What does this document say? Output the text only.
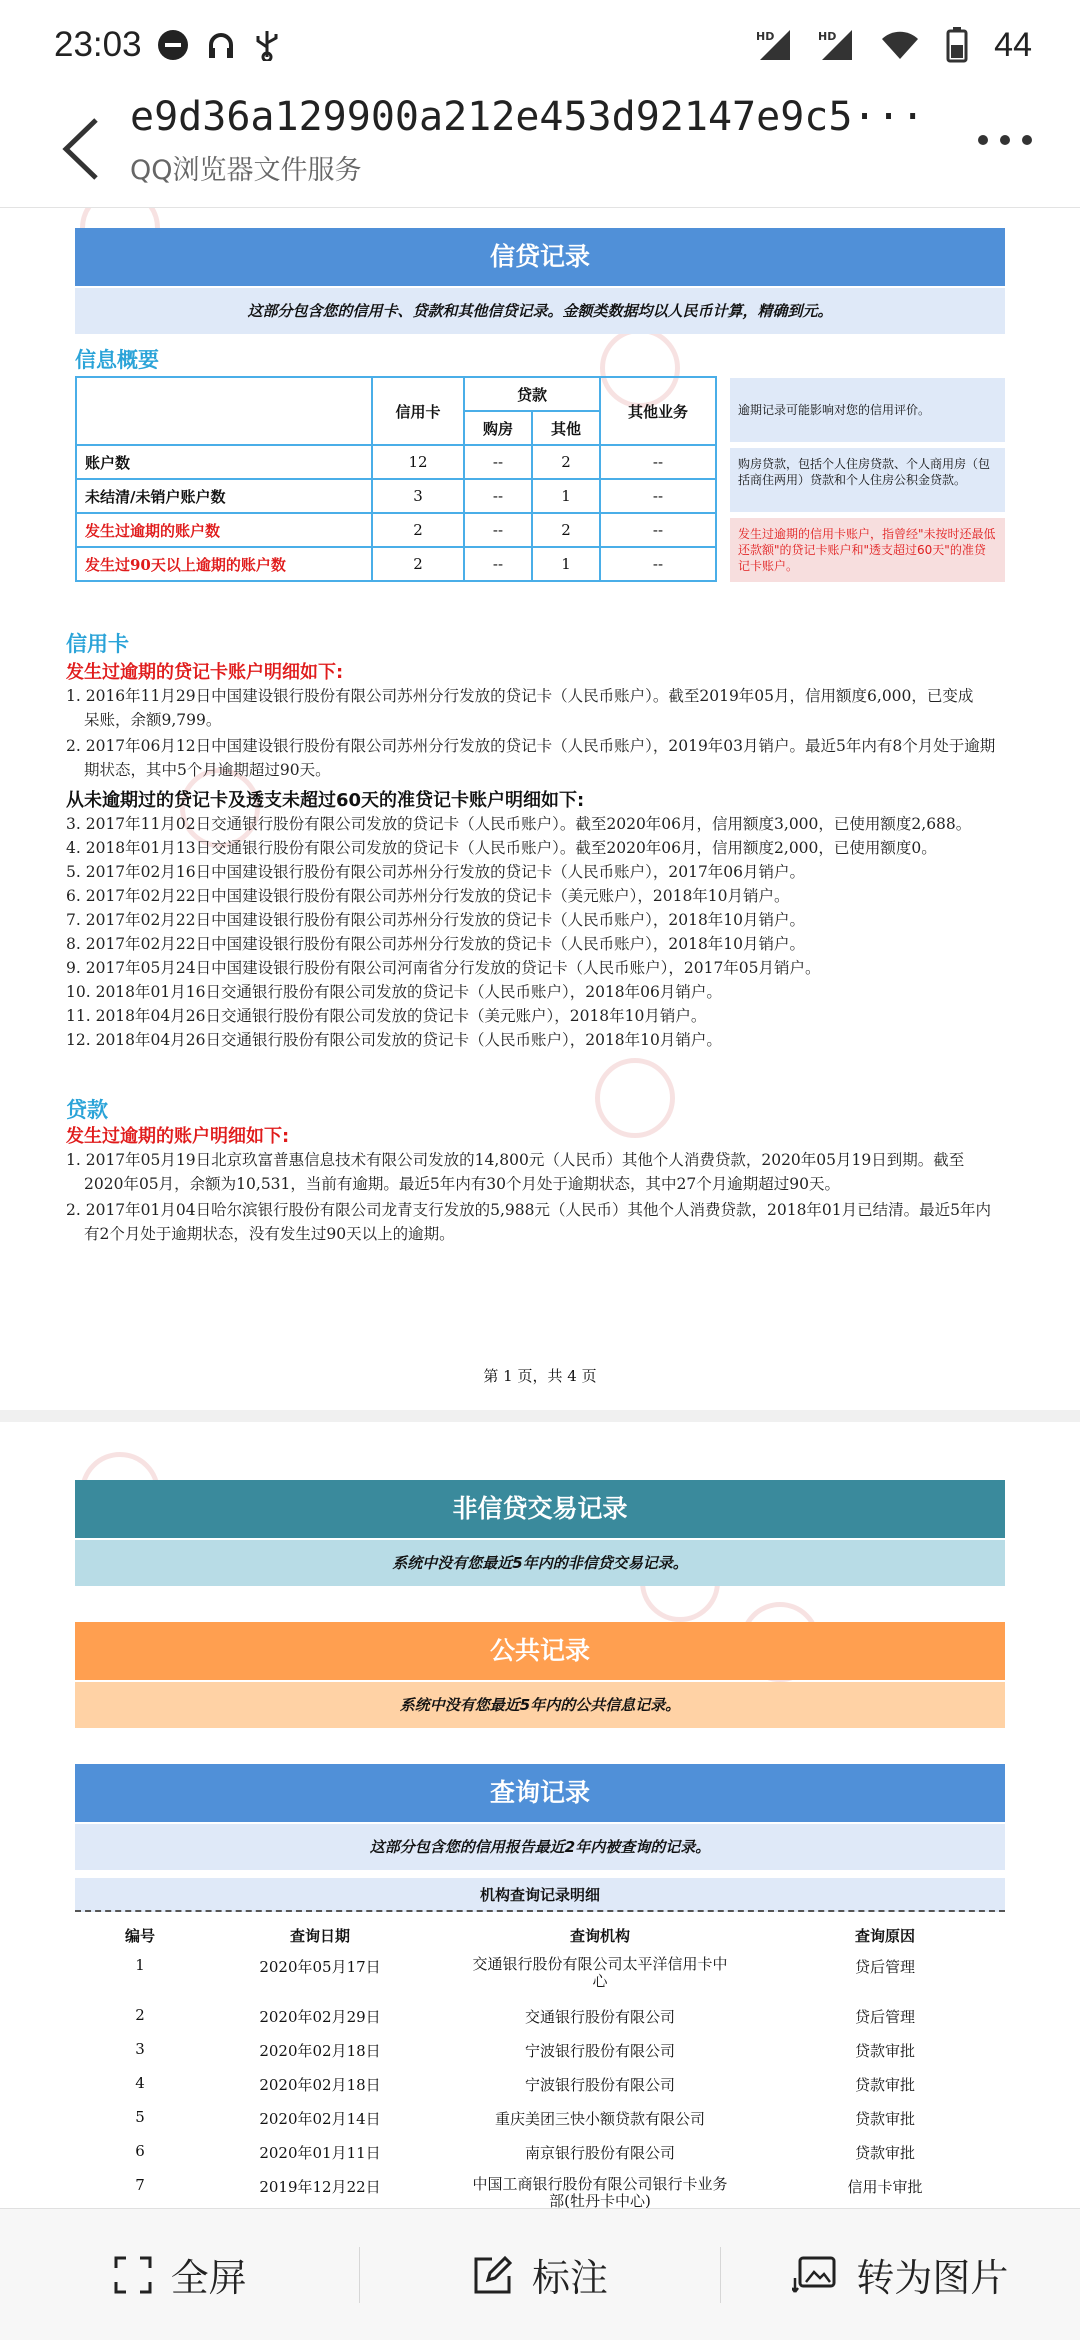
23:03	HD	HD	44
e9d36a129900a212e453d92147e9c5···
QQ浏览器文件服务
信贷记录
这部分包含您的信用卡、贷款和其他信贷记录。金额类数据均以人民币计算，精确到元。
信息概要
	信用卡	贷款		其他业务
		购房	其他	
账户数	12	--	2	--
未结清/未销户账户数	3	--	1	--
发生过逾期的账户数	2	--	2	--
发生过90天以上逾期的账户数	2	--	1	--
逾期记录可能影响对您的信用评价。
购房贷款，包括个人住房贷款、个人商用房（包括商住两用）贷款和个人住房公积金贷款。
发生过逾期的信用卡账户，指曾经"未按时还最低还款额"的贷记卡账户和"透支超过60天"的准贷记卡账户。
信用卡
发生过逾期的贷记卡账户明细如下:
1. 2016年11月29日中国建设银行股份有限公司苏州分行发放的贷记卡（人民币账户）。截至2019年05月，信用额度6,000，已变成
呆账，余额9,799。
2. 2017年06月12日中国建设银行股份有限公司苏州分行发放的贷记卡（人民币账户），2019年03月销户。最近5年内有8个月处于逾期
期状态，其中5个月逾期超过90天。
从未逾期过的贷记卡及透支未超过60天的准贷记卡账户明细如下:
3. 2017年11月02日交通银行股份有限公司发放的贷记卡（人民币账户）。截至2020年06月，信用额度3,000，已使用额度2,688。
4. 2018年01月13日交通银行股份有限公司发放的贷记卡（人民币账户）。截至2020年06月，信用额度2,000，已使用额度0。
5. 2017年02月16日中国建设银行股份有限公司苏州分行发放的贷记卡（人民币账户），2017年06月销户。
6. 2017年02月22日中国建设银行股份有限公司苏州分行发放的贷记卡（美元账户），2018年10月销户。
7. 2017年02月22日中国建设银行股份有限公司苏州分行发放的贷记卡（人民币账户），2018年10月销户。
8. 2017年02月22日中国建设银行股份有限公司苏州分行发放的贷记卡（人民币账户），2018年10月销户。
9. 2017年05月24日中国建设银行股份有限公司河南省分行发放的贷记卡（人民币账户），2017年05月销户。
10. 2018年01月16日交通银行股份有限公司发放的贷记卡（人民币账户），2018年06月销户。
11. 2018年04月26日交通银行股份有限公司发放的贷记卡（美元账户），2018年10月销户。
12. 2018年04月26日交通银行股份有限公司发放的贷记卡（人民币账户），2018年10月销户。
贷款
发生过逾期的账户明细如下:
1. 2017年05月19日北京玖富普惠信息技术有限公司发放的14,800元（人民币）其他个人消费贷款，2020年05月19日到期。截至
2020年05月，余额为10,531，当前有逾期。最近5年内有30个月处于逾期状态，其中27个月逾期超过90天。
2. 2017年01月04日哈尔滨银行股份有限公司龙青支行发放的5,988元（人民币）其他个人消费贷款，2018年01月已结清。最近5年内
有2个月处于逾期状态，没有发生过90天以上的逾期。
第 1 页，共 4 页
非信贷交易记录
系统中没有您最近5年内的非信贷交易记录。
公共记录
系统中没有您最近5年内的公共信息记录。
查询记录
这部分包含您的信用报告最近2年内被查询的记录。
机构查询记录明细
编号	查询日期	查询机构	查询原因
1	2020年05月17日	交通银行股份有限公司太平洋信用卡中心	贷后管理
2	2020年02月29日	交通银行股份有限公司	贷后管理
3	2020年02月18日	宁波银行股份有限公司	贷款审批
4	2020年02月18日	宁波银行股份有限公司	贷款审批
5	2020年02月14日	重庆美团三快小额贷款有限公司	贷款审批
6	2020年01月11日	南京银行股份有限公司	贷款审批
7	2019年12月22日	中国工商银行股份有限公司银行卡业务部(牡丹卡中心)	信用卡审批
全屏	标注	转为图片
